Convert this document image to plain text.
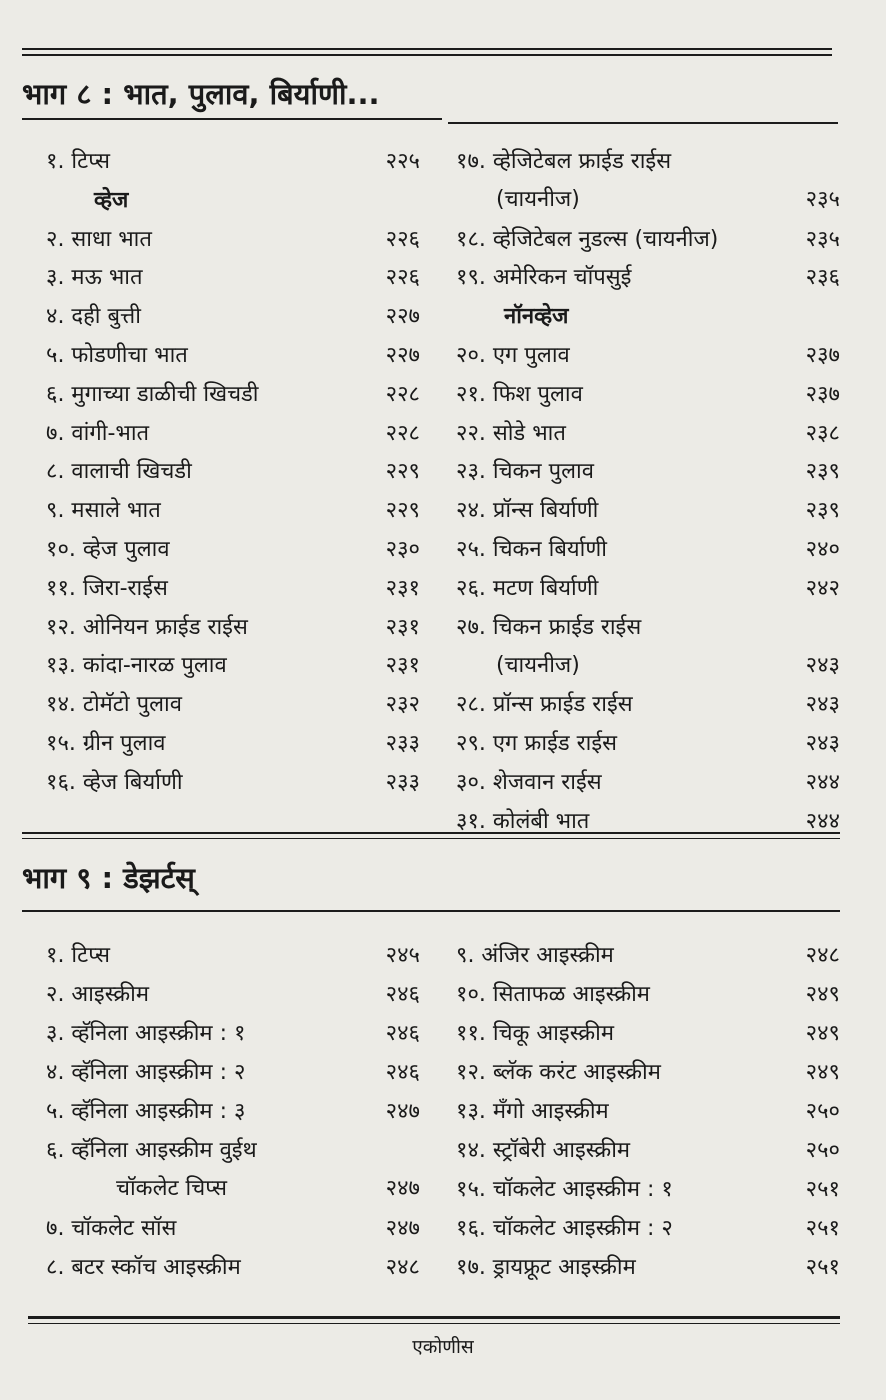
भाग ८ : भात, पुलाव, बिर्याणी...
भाग ९ : डेझर्टस्
१. टिप्स	२२५
व्हेज
२. साधा भात	२२६
३. मऊ भात	२२६
४. दही बुत्ती	२२७
५. फोडणीचा भात	२२७
६. मुगाच्या डाळीची खिचडी	२२८
७. वांगी-भात	२२८
८. वालाची खिचडी	२२९
९. मसाले भात	२२९
१०. व्हेज पुलाव	२३०
११. जिरा-राईस	२३१
१२. ओनियन फ्राईड राईस	२३१
१३. कांदा-नारळ पुलाव	२३१
१४. टोमॅटो पुलाव	२३२
१५. ग्रीन पुलाव	२३३
१६. व्हेज बिर्याणी	२३३
१७. व्हेजिटेबल फ्राईड राईस
(चायनीज)	२३५
१८. व्हेजिटेबल नुडल्स (चायनीज)	२३५
१९. अमेरिकन चॉपसुई	२३६
नॉनव्हेज
२०. एग पुलाव	२३७
२१. फिश पुलाव	२३७
२२. सोडे भात	२३८
२३. चिकन पुलाव	२३९
२४. प्रॉन्स बिर्याणी	२३९
२५. चिकन बिर्याणी	२४०
२६. मटण बिर्याणी	२४२
२७. चिकन फ्राईड राईस
(चायनीज)	२४३
२८. प्रॉन्स फ्राईड राईस	२४३
२९. एग फ्राईड राईस	२४३
३०. शेजवान राईस	२४४
३१. कोलंबी भात	२४४
१. टिप्स	२४५
२. आइस्क्रीम	२४६
३. व्हॅनिला आइस्क्रीम : १	२४६
४. व्हॅनिला आइस्क्रीम : २	२४६
५. व्हॅनिला आइस्क्रीम : ३	२४७
६. व्हॅनिला आइस्क्रीम वुईथ
चॉकलेट चिप्स	२४७
७. चॉकलेट सॉस	२४७
८. बटर स्कॉच आइस्क्रीम	२४८
९. अंजिर आइस्क्रीम	२४८
१०. सिताफळ आइस्क्रीम	२४९
११. चिकू आइस्क्रीम	२४९
१२. ब्लॅक करंट आइस्क्रीम	२४९
१३. मँगो आइस्क्रीम	२५०
१४. स्ट्रॉबेरी आइस्क्रीम	२५०
१५. चॉकलेट आइस्क्रीम : १	२५१
१६. चॉकलेट आइस्क्रीम : २	२५१
१७. ड्रायफ्रूट आइस्क्रीम	२५१
एकोणीस
